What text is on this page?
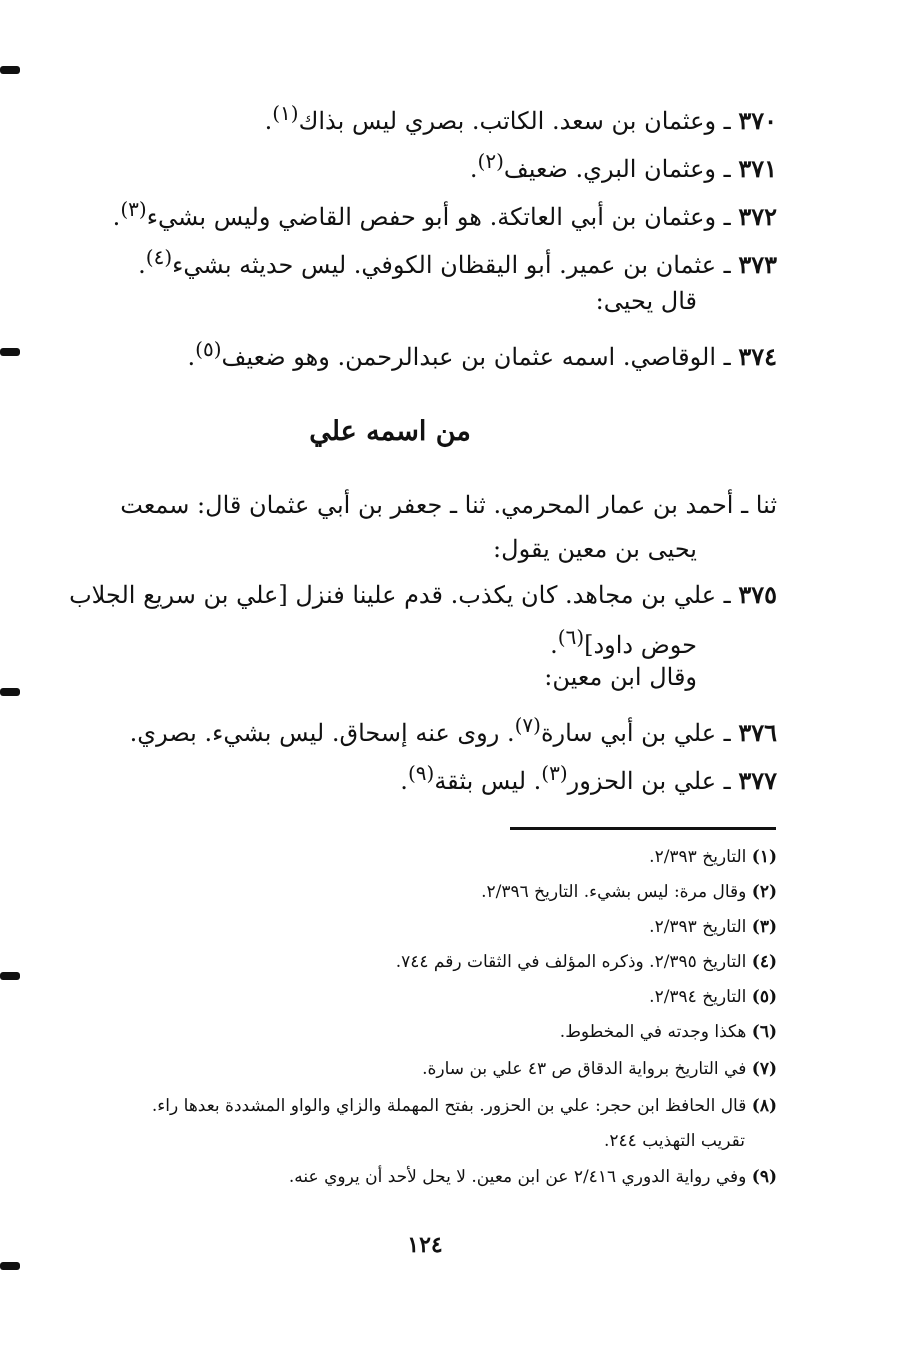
٣٧٠ ـ وعثمان بن سعد. الكاتب. بصري ليس بذاك$^{(١)}$.
٣٧١ ـ وعثمان البري. ضعيف$^{(٢)}$.
٣٧٢ ـ وعثمان بن أبي العاتكة. هو أبو حفص القاضي وليس بشيء$^{(٣)}$.
٣٧٣ ـ عثمان بن عمير. أبو اليقظان الكوفي. ليس حديثه بشيء$^{(٤)}$.
قال يحيى:
٣٧٤ ـ الوقاصي. اسمه عثمان بن عبدالرحمن. وهو ضعيف$^{(٥)}$.
من اسمه علي
ثنا ـ أحمد بن عمار المحرمي. ثنا ـ جعفر بن أبي عثمان قال: سمعت
يحيى بن معين يقول:
٣٧٥ ـ علي بن مجاهد. كان يكذب. قدم علينا فنزل [علي بن سريع الجلاب
حوض داود]$^{(٦)}$.
وقال ابن معين:
٣٧٦ ـ علي بن أبي سارة$^{(٧)}$. روى عنه إسحاق. ليس بشيء. بصري.
٣٧٧ ـ علي بن الحزور$^{(٣)}$. ليس بثقة$^{(٩)}$.
(١) التاريخ ٢/٣٩٣.
(٢) وقال مرة: ليس بشيء. التاريخ ٢/٣٩٦.
(٣) التاريخ ٢/٣٩٣.
(٤) التاريخ ٢/٣٩٥. وذكره المؤلف في الثقات رقم ٧٤٤.
(٥) التاريخ ٢/٣٩٤.
(٦) هكذا وجدته في المخطوط.
(٧) في التاريخ برواية الدقاق ص ٤٣ علي بن سارة.
(٨) قال الحافظ ابن حجر: علي بن الحزور. بفتح المهملة والزاي والواو المشددة بعدها راء.
تقريب التهذيب ٢٤٤.
(٩) وفي رواية الدوري ٢/٤١٦ عن ابن معين. لا يحل لأحد أن يروي عنه.
١٢٤
